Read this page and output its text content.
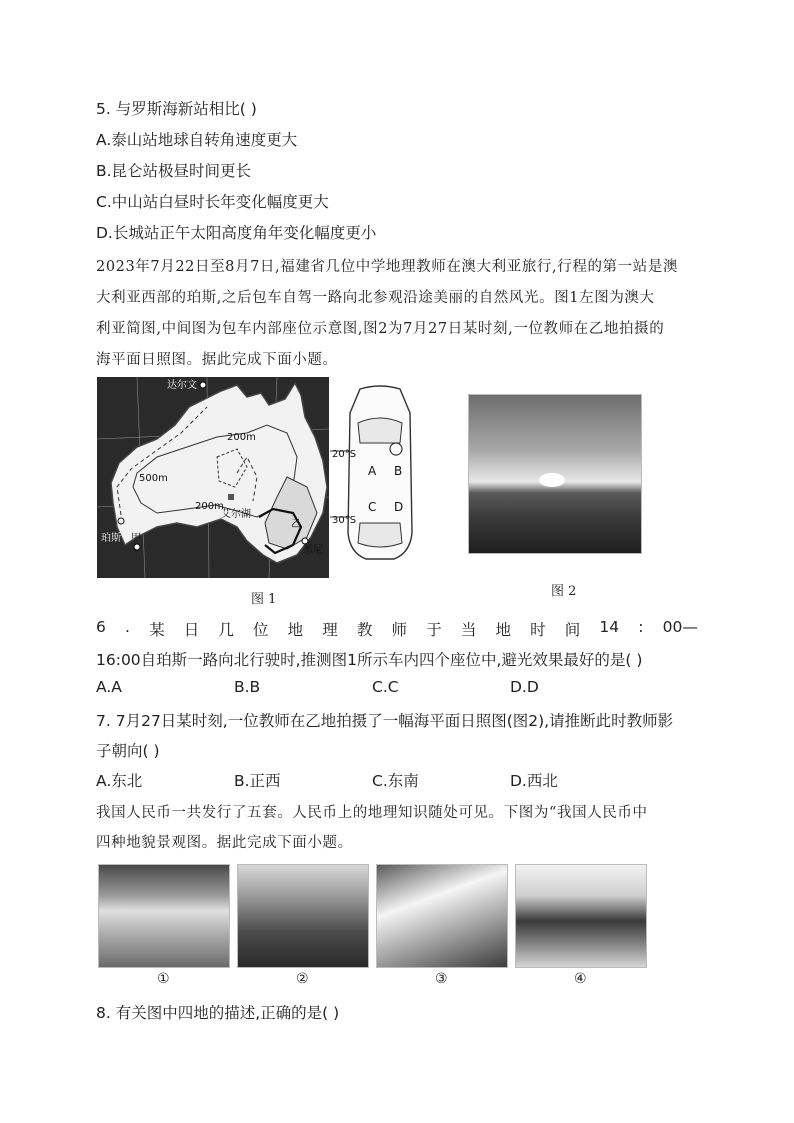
5. 与罗斯海新站相比( )
A.泰山站地球自转角速度更大
B.昆仑站极昼时间更长
C.中山站白昼时长年变化幅度更大
D.长城站正午太阳高度角年变化幅度更小
2023年7月22日至8月7日,福建省几位中学地理教师在澳大利亚旅行,行程的第一站是澳
大利亚西部的珀斯,之后包车自驾一路向北参观沿途美丽的自然风光。图1左图为澳大
利亚简图,中间图为包车内部座位示意图,图2为7月27日某时刻,一位教师在乙地拍摄的
海平面日照图。据此完成下面小题。
达尔文
珀斯 甲
艾尔湖
乙
悉尼
200m
200m
500m
20°S
30°S
A B
C D
图 1
图 2
6 . 某 日 几 位 地 理 教 师 于 当 地 时 间 14 : 00—
16:00自珀斯一路向北行驶时,推测图1所示车内四个座位中,避光效果最好的是( )
A.A	B.B	C.C	D.D
7. 7月27日某时刻,一位教师在乙地拍摄了一幅海平面日照图(图2),请推断此时教师影
子朝向( )
A.东北	B.正西	C.东南	D.西北
我国人民币一共发行了五套。人民币上的地理知识随处可见。下图为“我国人民币中
四种地貌景观图。据此完成下面小题。
①	②	③	④
8. 有关图中四地的描述,正确的是( )
